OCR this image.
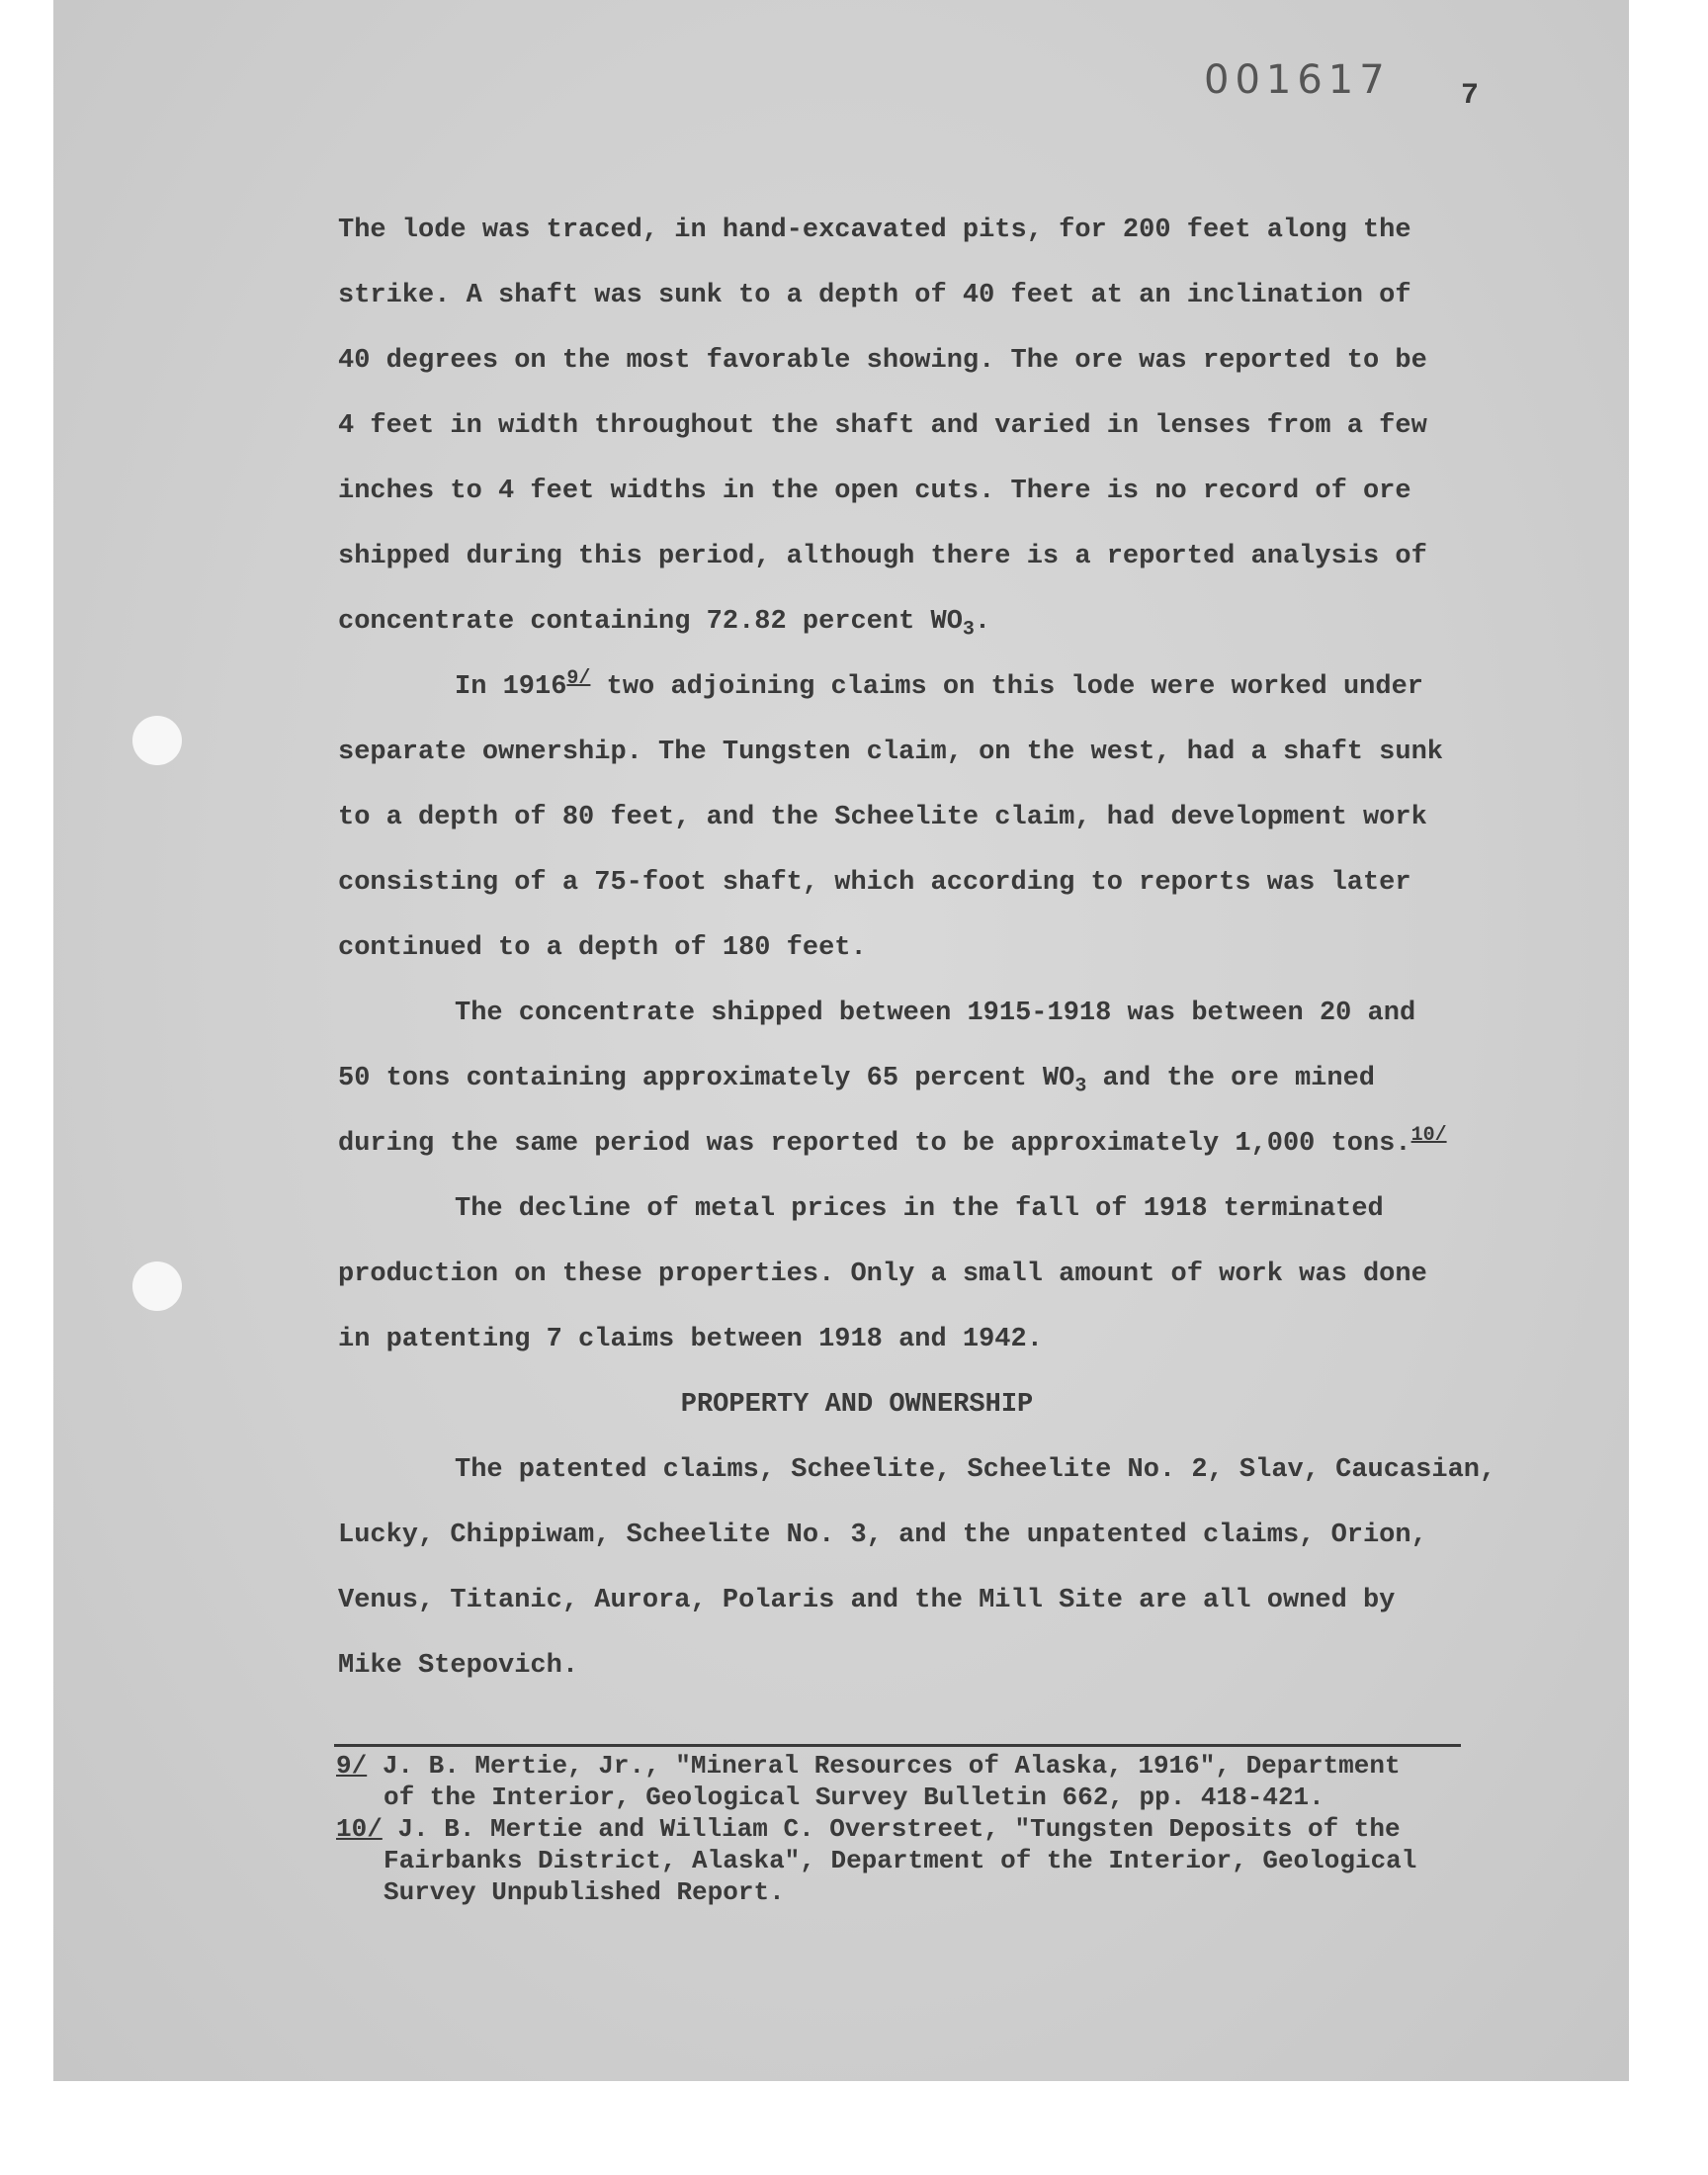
001617 7

The lode was traced, in hand-excavated pits, for 200 feet along the
strike. A shaft was sunk to a depth of 40 feet at an inclination of
40 degrees on the most favorable showing. The ore was reported to be
4 feet in width throughout the shaft and varied in lenses from a few
inches to 4 feet widths in the open cuts. There is no record of ore
shipped during this period, although there is a reported analysis of
concentrate containing 72.82 percent $WO_3$.

In 1916$^{9/}$ two adjoining claims on this lode were worked under
separate ownership. The Tungsten claim, on the west, had a shaft sunk
to a depth of 80 feet, and the Scheelite claim, had development work
consisting of a 75-foot shaft, which according to reports was later
continued to a depth of 180 feet.

The concentrate shipped between 1915-1918 was between 20 and
50 tons containing approximately 65 percent $WO_3$ and the ore mined
during the same period was reported to be approximately 1,000 tons.$^{10/}$

The decline of metal prices in the fall of 1918 terminated
production on these properties. Only a small amount of work was done
in patenting 7 claims between 1918 and 1942.

PROPERTY AND OWNERSHIP

The patented claims, Scheelite, Scheelite No. 2, Slav, Caucasian,
Lucky, Chippiwam, Scheelite No. 3, and the unpatented claims, Orion,
Venus, Titanic, Aurora, Polaris and the Mill Site are all owned by
Mike Stepovich.

9/ J. B. Mertie, Jr., "Mineral Resources of Alaska, 1916", Department
of the Interior, Geological Survey Bulletin 662, pp. 418-421.

10/ J. B. Mertie and William C. Overstreet, "Tungsten Deposits of the
Fairbanks District, Alaska", Department of the Interior, Geological
Survey Unpublished Report.
